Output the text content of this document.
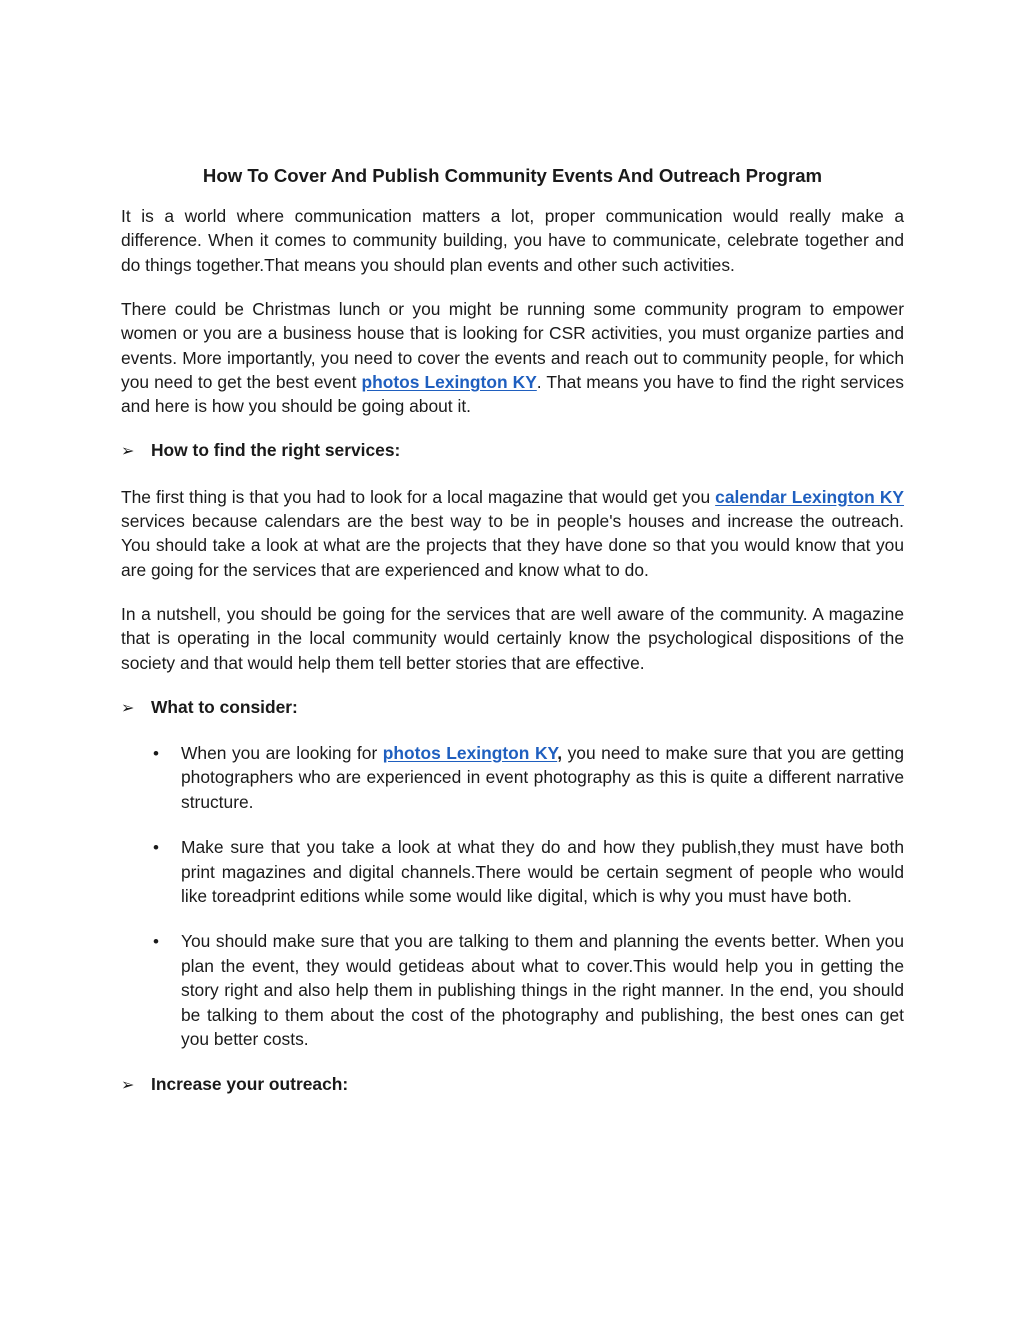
How To Cover And Publish Community Events And Outreach Program

It is a world where communication matters a lot, proper communication would really make a difference. When it comes to community building, you have to communicate, celebrate together and do things together.That means you should plan events and other such activities.

There could be Christmas lunch or you might be running some community program to empower women or you are a business house that is looking for CSR activities, you must organize parties and events. More importantly, you need to cover the events and reach out to community people, for which you need to get the best event photos Lexington KY. That means you have to find the right services and here is how you should be going about it.

➢ How to find the right services:

The first thing is that you had to look for a local magazine that would get you calendar Lexington KY services because calendars are the best way to be in people's houses and increase the outreach. You should take a look at what are the projects that they have done so that you would know that you are going for the services that are experienced and know what to do.

In a nutshell, you should be going for the services that are well aware of the community. A magazine that is operating in the local community would certainly know the psychological dispositions of the society and that would help them tell better stories that are effective.

➢ What to consider:
•	When you are looking for photos Lexington KY, you need to make sure that you are getting photographers who are experienced in event photography as this is quite a different narrative structure.
•	Make sure that you take a look at what they do and how they publish,they must have both print magazines and digital channels.There would be certain segment of people who would like toreadprint editions while some would like digital, which is why you must have both.
•	You should make sure that you are talking to them and planning the events better. When you plan the event, they would getideas about what to cover.This would help you in getting the story right and also help them in publishing things in the right manner. In the end, you should be talking to them about the cost of the photography and publishing, the best ones can get you better costs.
➢ Increase your outreach:
